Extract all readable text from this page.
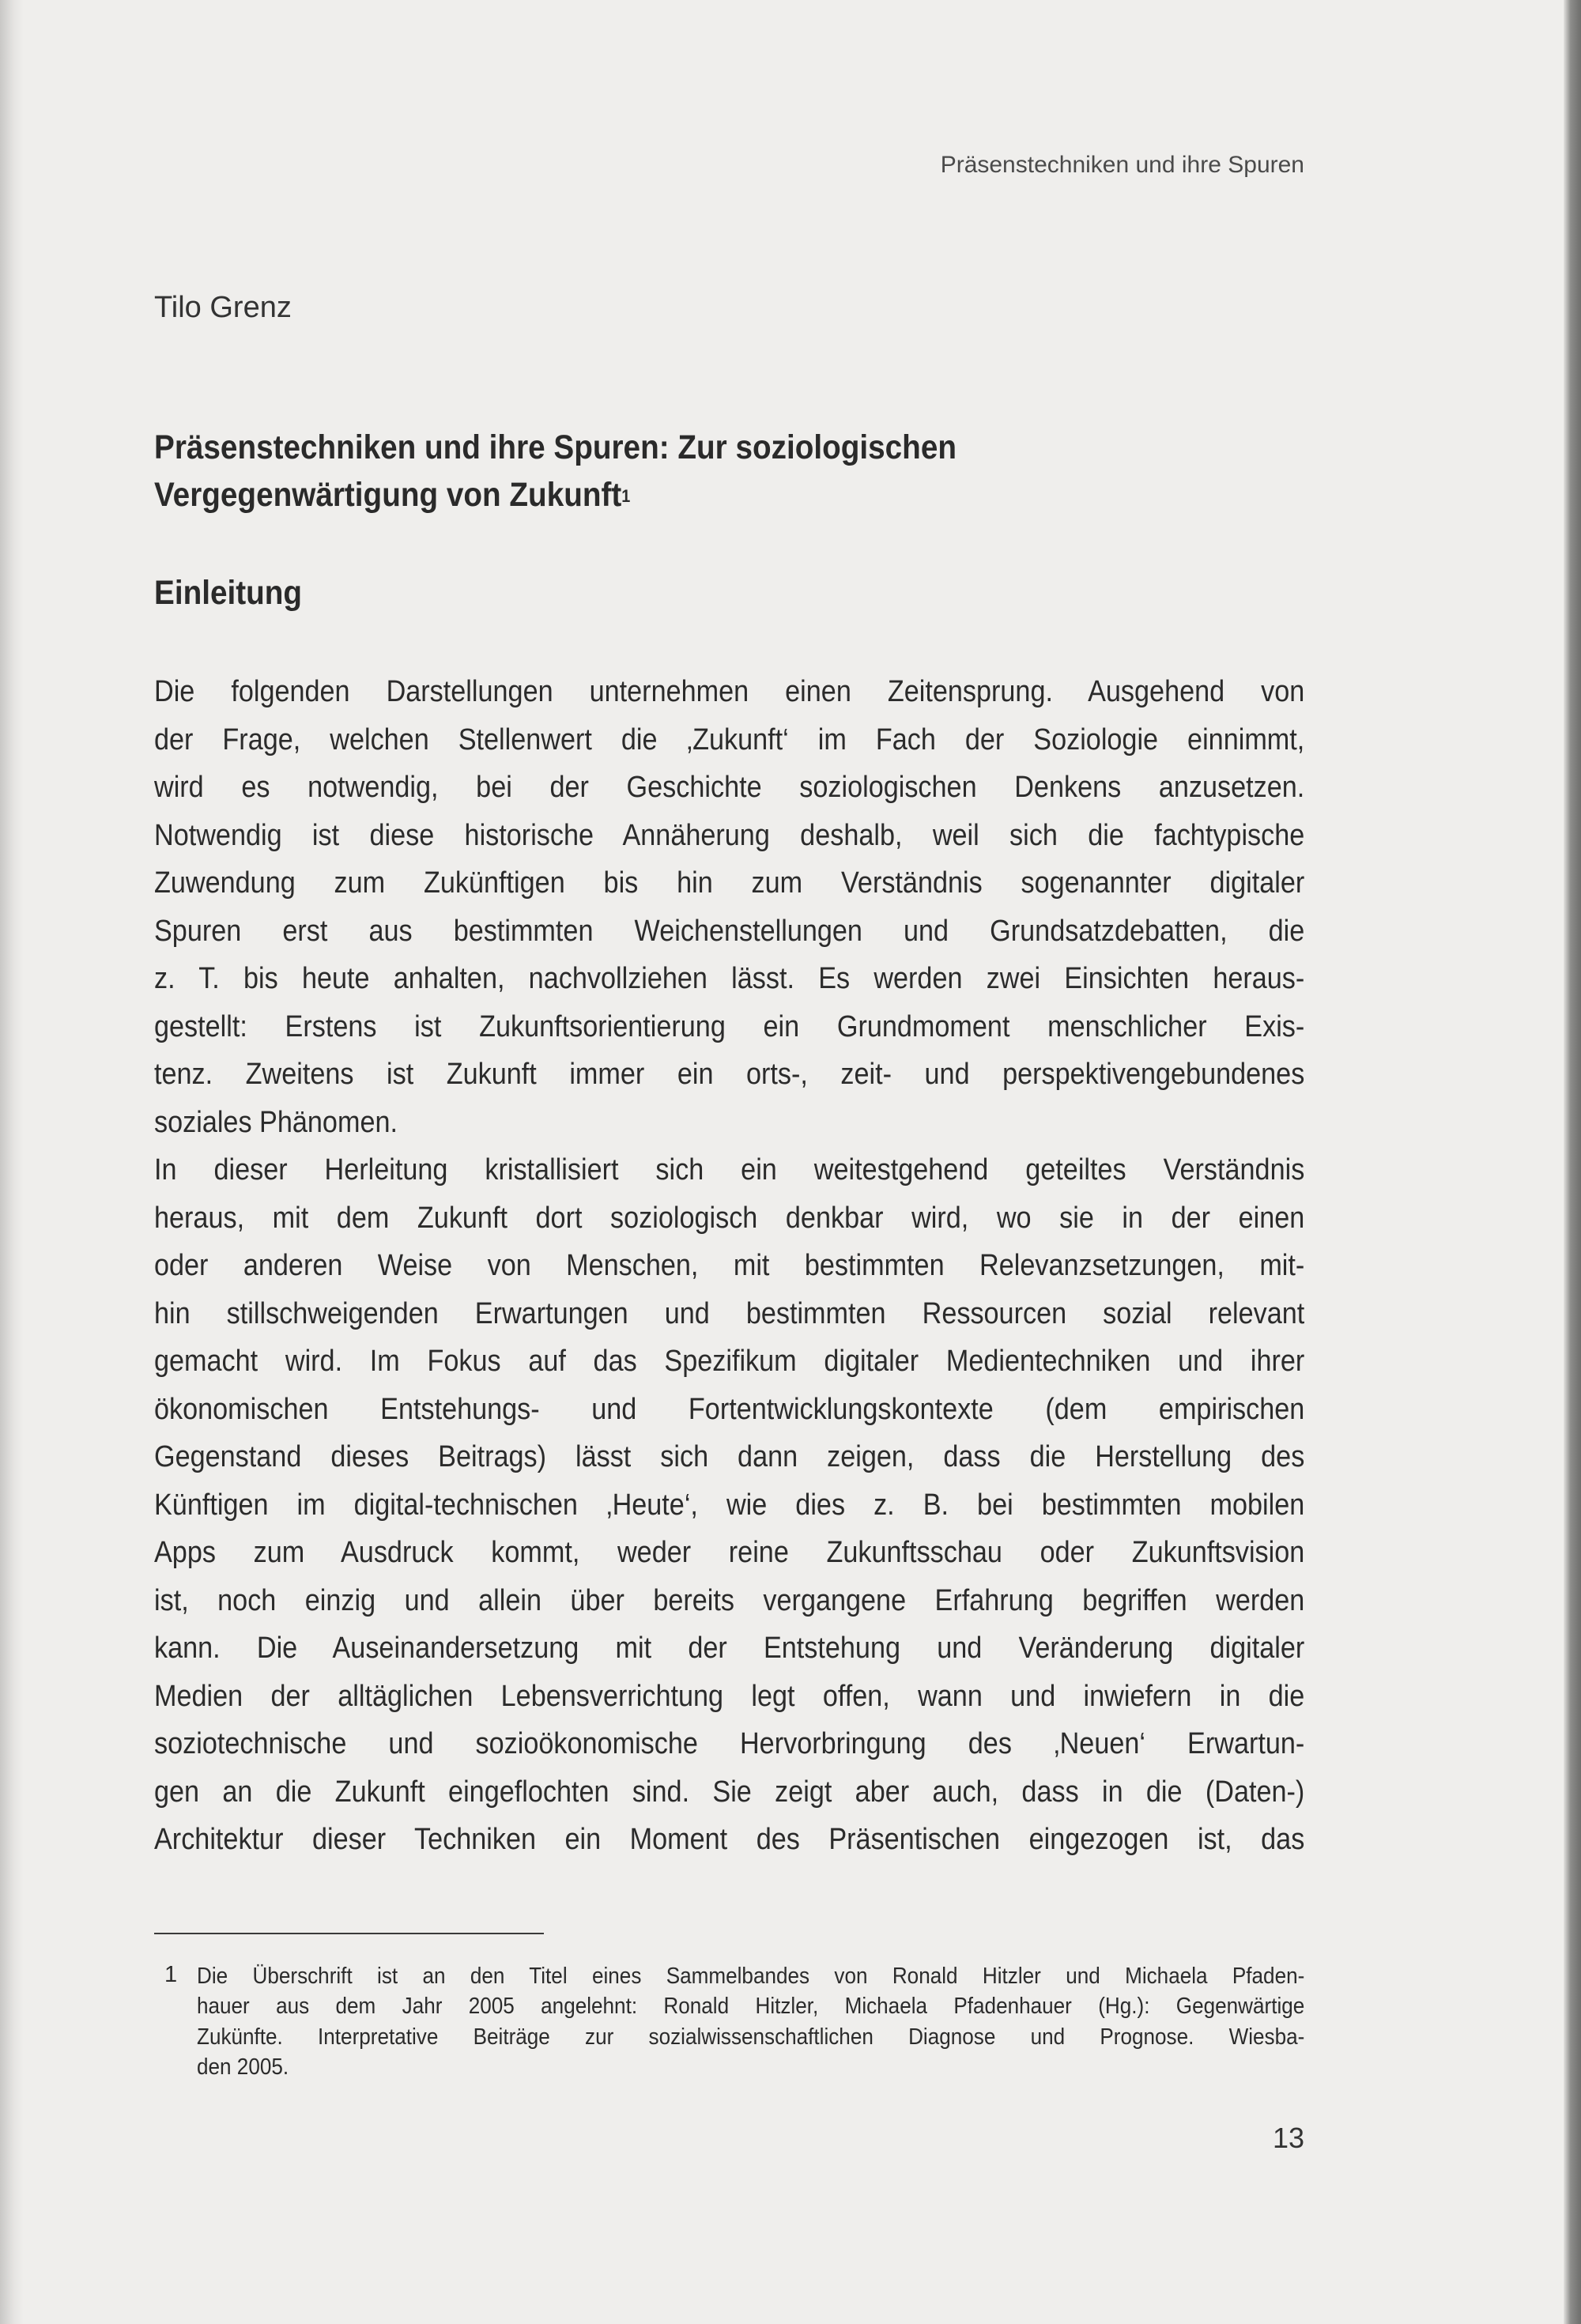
Präsenstechniken und ihre Spuren
Tilo Grenz
Präsenstechniken und ihre Spuren: Zur soziologischen
Vergegenwärtigung von Zukunft$^1$
Einleitung
Die folgenden Darstellungen unternehmen einen Zeitensprung. Ausgehend von
der Frage, welchen Stellenwert die ‚Zukunft‘ im Fach der Soziologie einnimmt,
wird es notwendig, bei der Geschichte soziologischen Denkens anzusetzen.
Notwendig ist diese historische Annäherung deshalb, weil sich die fachtypische
Zuwendung zum Zukünftigen bis hin zum Verständnis sogenannter digitaler
Spuren erst aus bestimmten Weichenstellungen und Grundsatzdebatten, die
z. T. bis heute anhalten, nachvollziehen lässt. Es werden zwei Einsichten heraus-
gestellt: Erstens ist Zukunftsorientierung ein Grundmoment menschlicher Exis-
tenz. Zweitens ist Zukunft immer ein orts-, zeit- und perspektivengebundenes
soziales Phänomen.
In dieser Herleitung kristallisiert sich ein weitestgehend geteiltes Verständnis
heraus, mit dem Zukunft dort soziologisch denkbar wird, wo sie in der einen
oder anderen Weise von Menschen, mit bestimmten Relevanzsetzungen, mit-
hin stillschweigenden Erwartungen und bestimmten Ressourcen sozial relevant
gemacht wird. Im Fokus auf das Spezifikum digitaler Medientechniken und ihrer
ökonomischen Entstehungs- und Fortentwicklungskontexte (dem empirischen
Gegenstand dieses Beitrags) lässt sich dann zeigen, dass die Herstellung des
Künftigen im digital-technischen ‚Heute‘, wie dies z. B. bei bestimmten mobilen
Apps zum Ausdruck kommt, weder reine Zukunftsschau oder Zukunftsvision
ist, noch einzig und allein über bereits vergangene Erfahrung begriffen werden
kann. Die Auseinandersetzung mit der Entstehung und Veränderung digitaler
Medien der alltäglichen Lebensverrichtung legt offen, wann und inwiefern in die
soziotechnische und sozioökonomische Hervorbringung des ‚Neuen‘ Erwartun-
gen an die Zukunft eingeflochten sind. Sie zeigt aber auch, dass in die (Daten-)
Architektur dieser Techniken ein Moment des Präsentischen eingezogen ist, das
1 Die Überschrift ist an den Titel eines Sammelbandes von Ronald Hitzler und Michaela Pfaden-
hauer aus dem Jahr 2005 angelehnt: Ronald Hitzler, Michaela Pfadenhauer (Hg.): Gegenwärtige
Zukünfte. Interpretative Beiträge zur sozialwissenschaftlichen Diagnose und Prognose. Wiesba-
den 2005.
13
